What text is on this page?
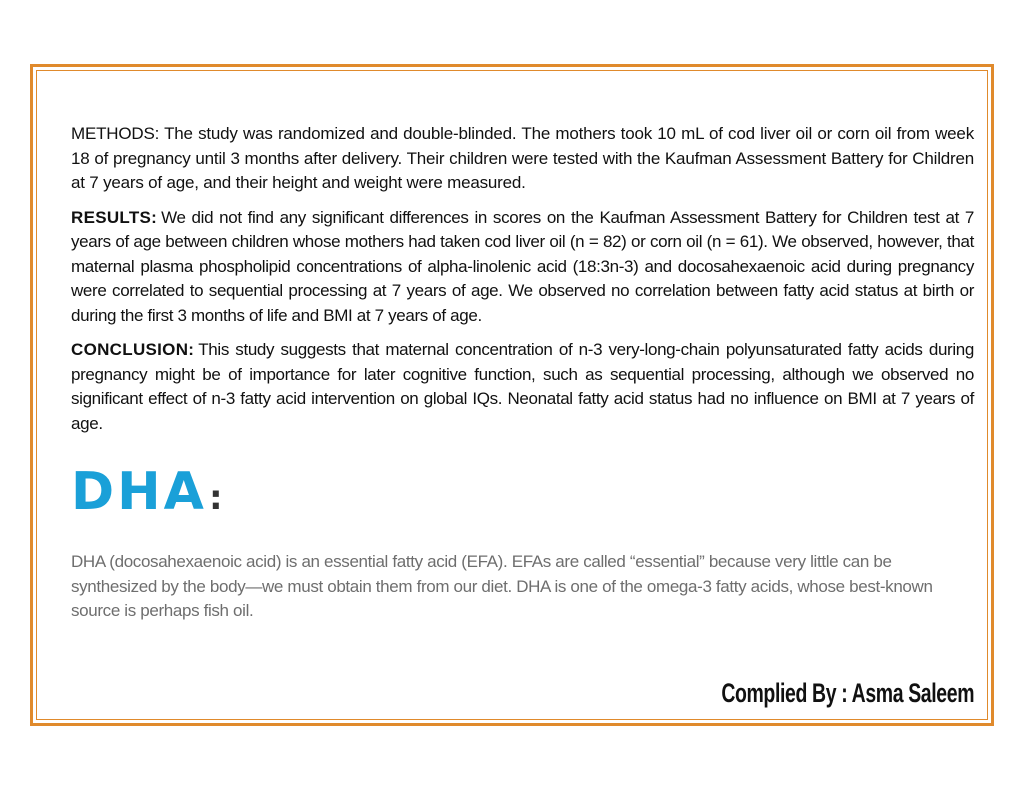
METHODS: The study was randomized and double-blinded. The mothers took 10 mL of cod liver oil or corn oil from week 18 of pregnancy until 3 months after delivery. Their children were tested with the Kaufman Assessment Battery for Children at 7 years of age, and their height and weight were measured.

RESULTS: We did not find any significant differences in scores on the Kaufman Assessment Battery for Children test at 7 years of age between children whose mothers had taken cod liver oil (n = 82) or corn oil (n = 61). We observed, however, that maternal plasma phospholipid concentrations of alpha-linolenic acid (18:3n-3) and docosahexaenoic acid during pregnancy were correlated to sequential processing at 7 years of age. We observed no correlation between fatty acid status at birth or during the first 3 months of life and BMI at 7 years of age.

CONCLUSION: This study suggests that maternal concentration of n-3 very-long-chain polyunsaturated fatty acids during pregnancy might be of importance for later cognitive function, such as sequential processing, although we observed no significant effect of n-3 fatty acid intervention on global IQs. Neonatal fatty acid status had no influence on BMI at 7 years of age.

DHA:

DHA (docosahexaenoic acid) is an essential fatty acid (EFA). EFAs are called “essential” because very little can be synthesized by the body—we must obtain them from our diet. DHA is one of the omega-3 fatty acids, whose best-known source is perhaps fish oil.

Complied By : Asma Saleem
